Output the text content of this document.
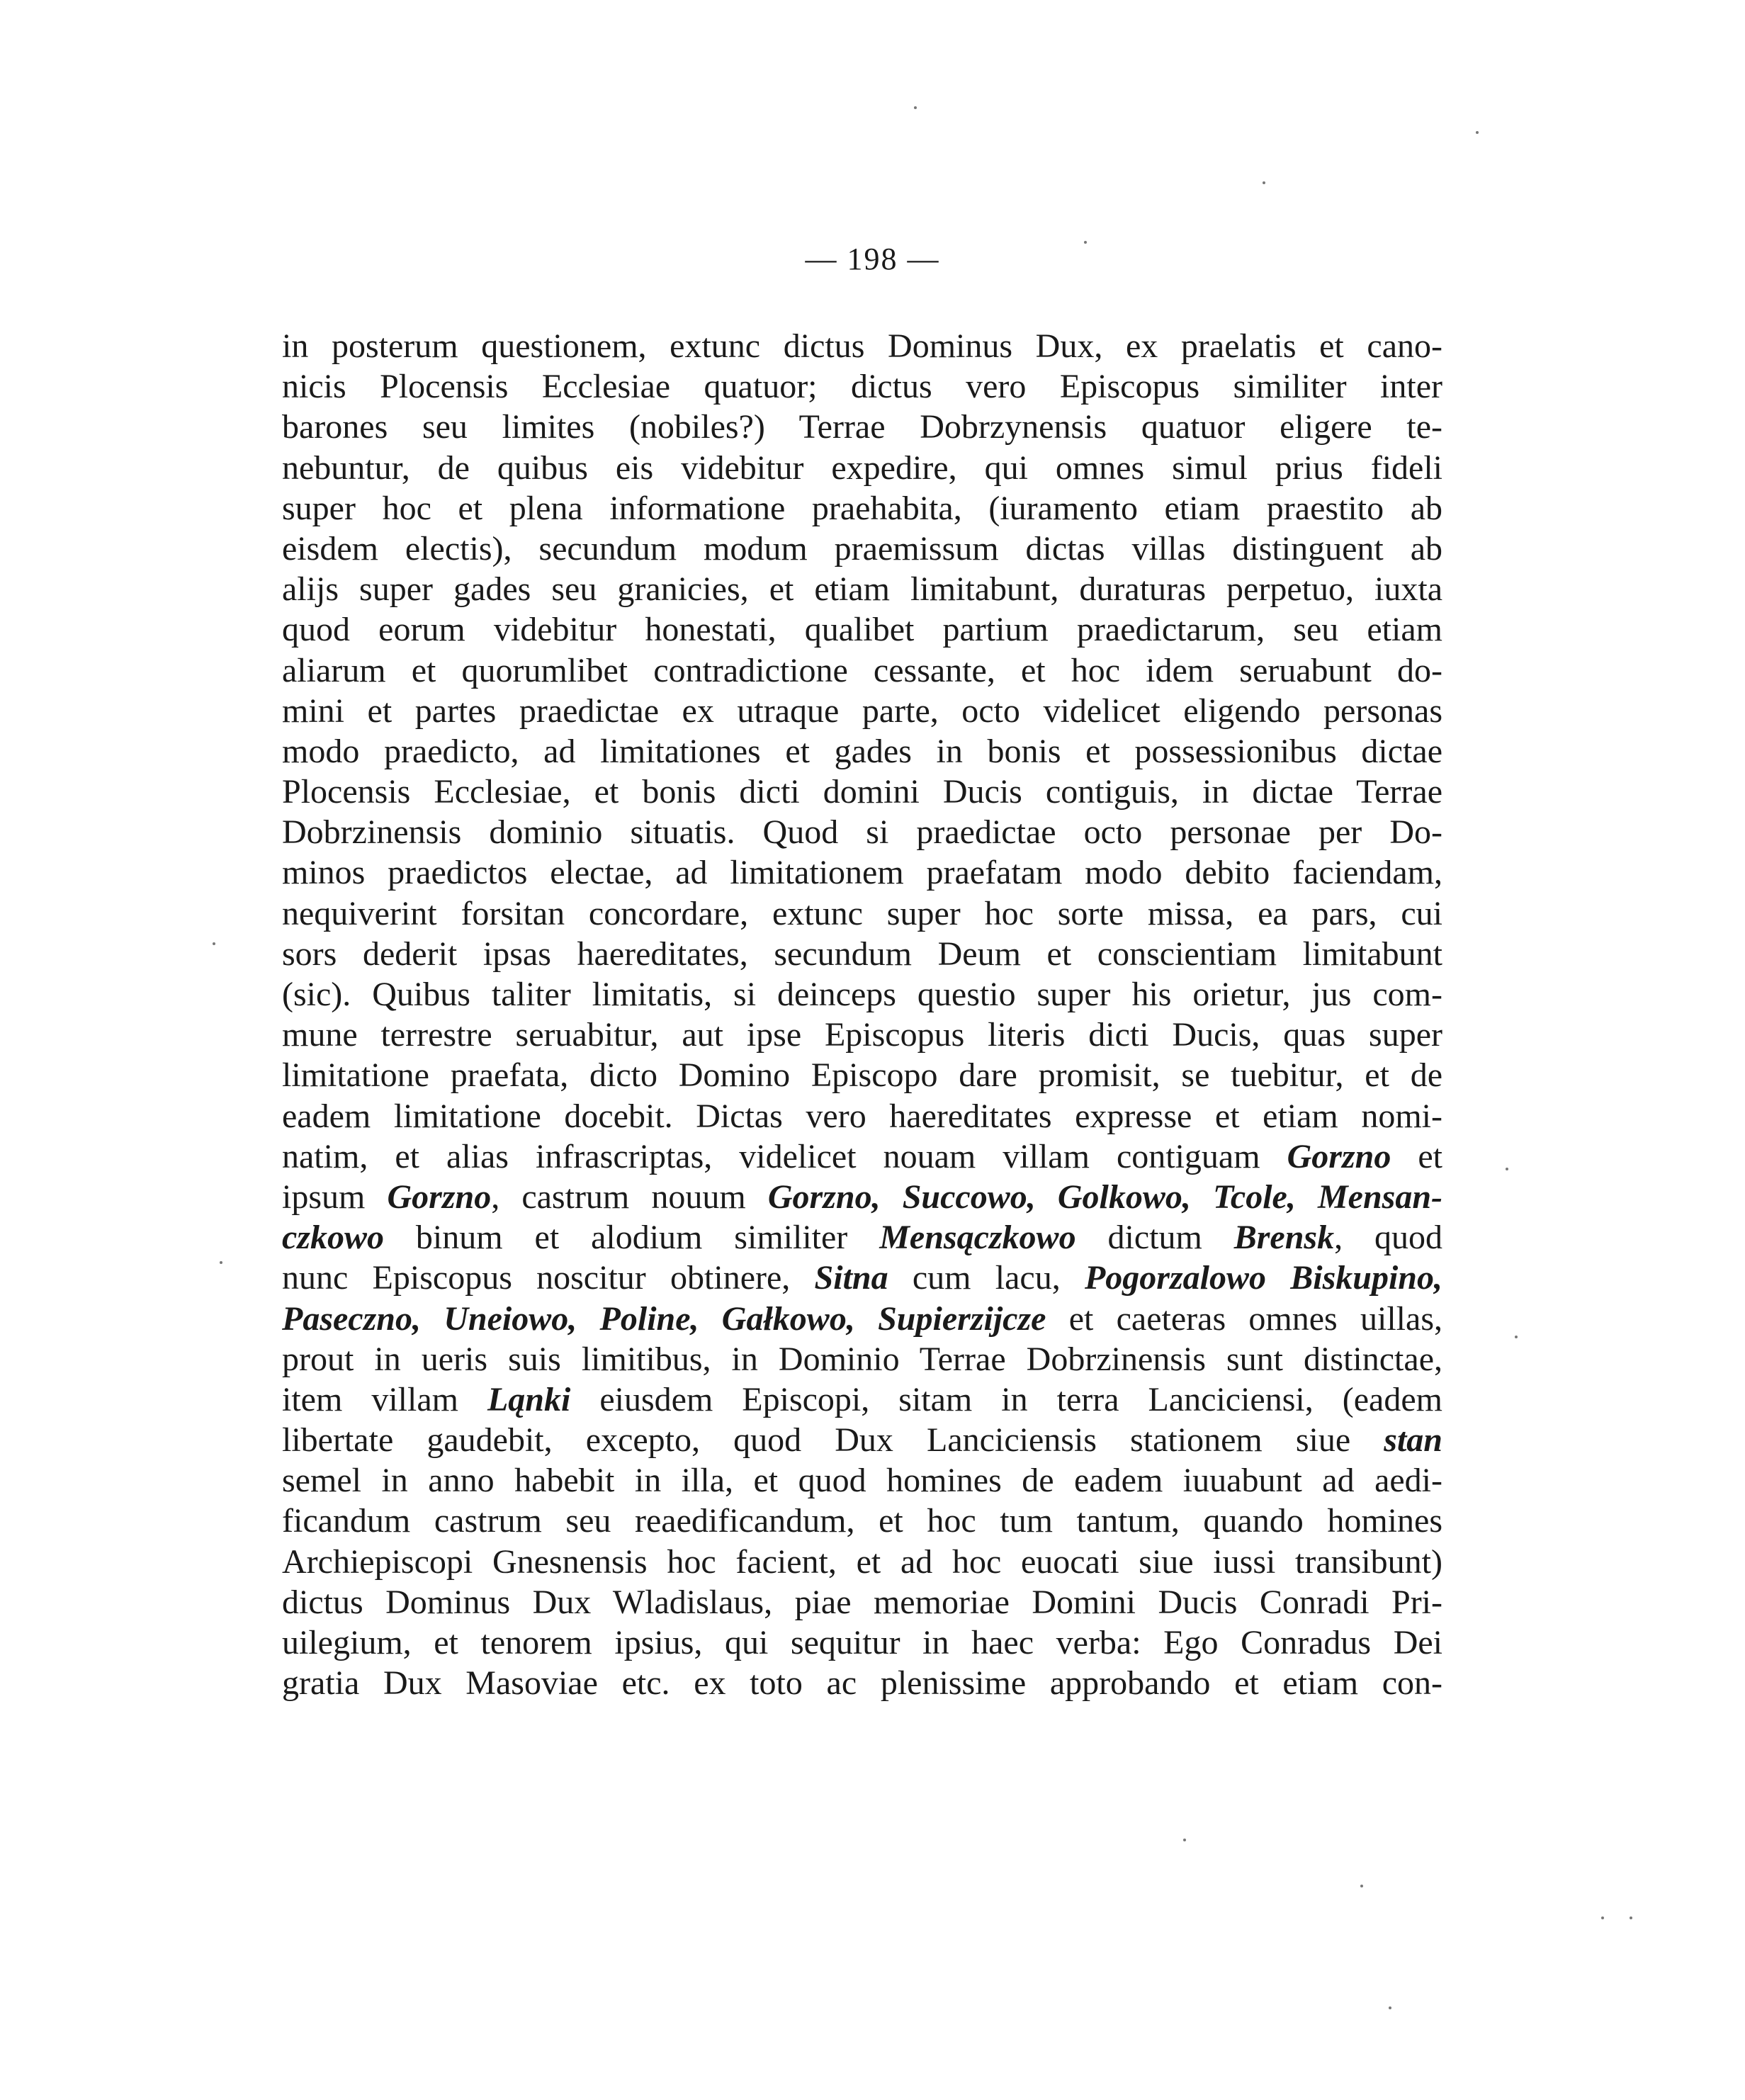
— 198 —
in posterum questionem, extunc dictus Dominus Dux, ex praelatis et cano-
nicis Plocensis Ecclesiae quatuor; dictus vero Episcopus similiter inter
barones seu limites (nobiles?) Terrae Dobrzynensis quatuor eligere te-
nebuntur, de quibus eis videbitur expedire, qui omnes simul prius fideli
super hoc et plena informatione praehabita, (iuramento etiam praestito ab
eisdem electis), secundum modum praemissum dictas villas distinguent ab
alijs super gades seu granicies, et etiam limitabunt, duraturas perpetuo, iuxta
quod eorum videbitur honestati, qualibet partium praedictarum, seu etiam
aliarum et quorumlibet contradictione cessante, et hoc idem seruabunt do-
mini et partes praedictae ex utraque parte, octo videlicet eligendo personas
modo praedicto, ad limitationes et gades in bonis et possessionibus dictae
Plocensis Ecclesiae, et bonis dicti domini Ducis contiguis, in dictae Terrae
Dobrzinensis dominio situatis. Quod si praedictae octo personae per Do-
minos praedictos electae, ad limitationem praefatam modo debito faciendam,
nequiverint forsitan concordare, extunc super hoc sorte missa, ea pars, cui
sors dederit ipsas haereditates, secundum Deum et conscientiam limitabunt
(sic). Quibus taliter limitatis, si deinceps questio super his orietur, jus com-
mune terrestre seruabitur, aut ipse Episcopus literis dicti Ducis, quas super
limitatione praefata, dicto Domino Episcopo dare promisit, se tuebitur, et de
eadem limitatione docebit. Dictas vero haereditates expresse et etiam nomi-
natim, et alias infrascriptas, videlicet nouam villam contiguam Gorzno et
ipsum Gorzno, castrum nouum Gorzno, Succowo, Golkowo, Tcole, Mensan-
czkowo binum et alodium similiter Mensączkowo dictum Brensk, quod
nunc Episcopus noscitur obtinere, Sitna cum lacu, Pogorzalowo Biskupino,
Paseczno, Uneiowo, Poline, Gałkowo, Supierzijcze et caeteras omnes uillas,
prout in ueris suis limitibus, in Dominio Terrae Dobrzinensis sunt distinctae,
item villam Ląnki eiusdem Episcopi, sitam in terra Lanciciensi, (eadem
libertate gaudebit, excepto, quod Dux Lanciciensis stationem siue stan
semel in anno habebit in illa, et quod homines de eadem iuuabunt ad aedi-
ficandum castrum seu reaedificandum, et hoc tum tantum, quando homines
Archiepiscopi Gnesnensis hoc facient, et ad hoc euocati siue iussi transibunt)
dictus Dominus Dux Wladislaus, piae memoriae Domini Ducis Conradi Pri-
uilegium, et tenorem ipsius, qui sequitur in haec verba: Ego Conradus Dei
gratia Dux Masoviae etc. ex toto ac plenissime approbando et etiam con-
